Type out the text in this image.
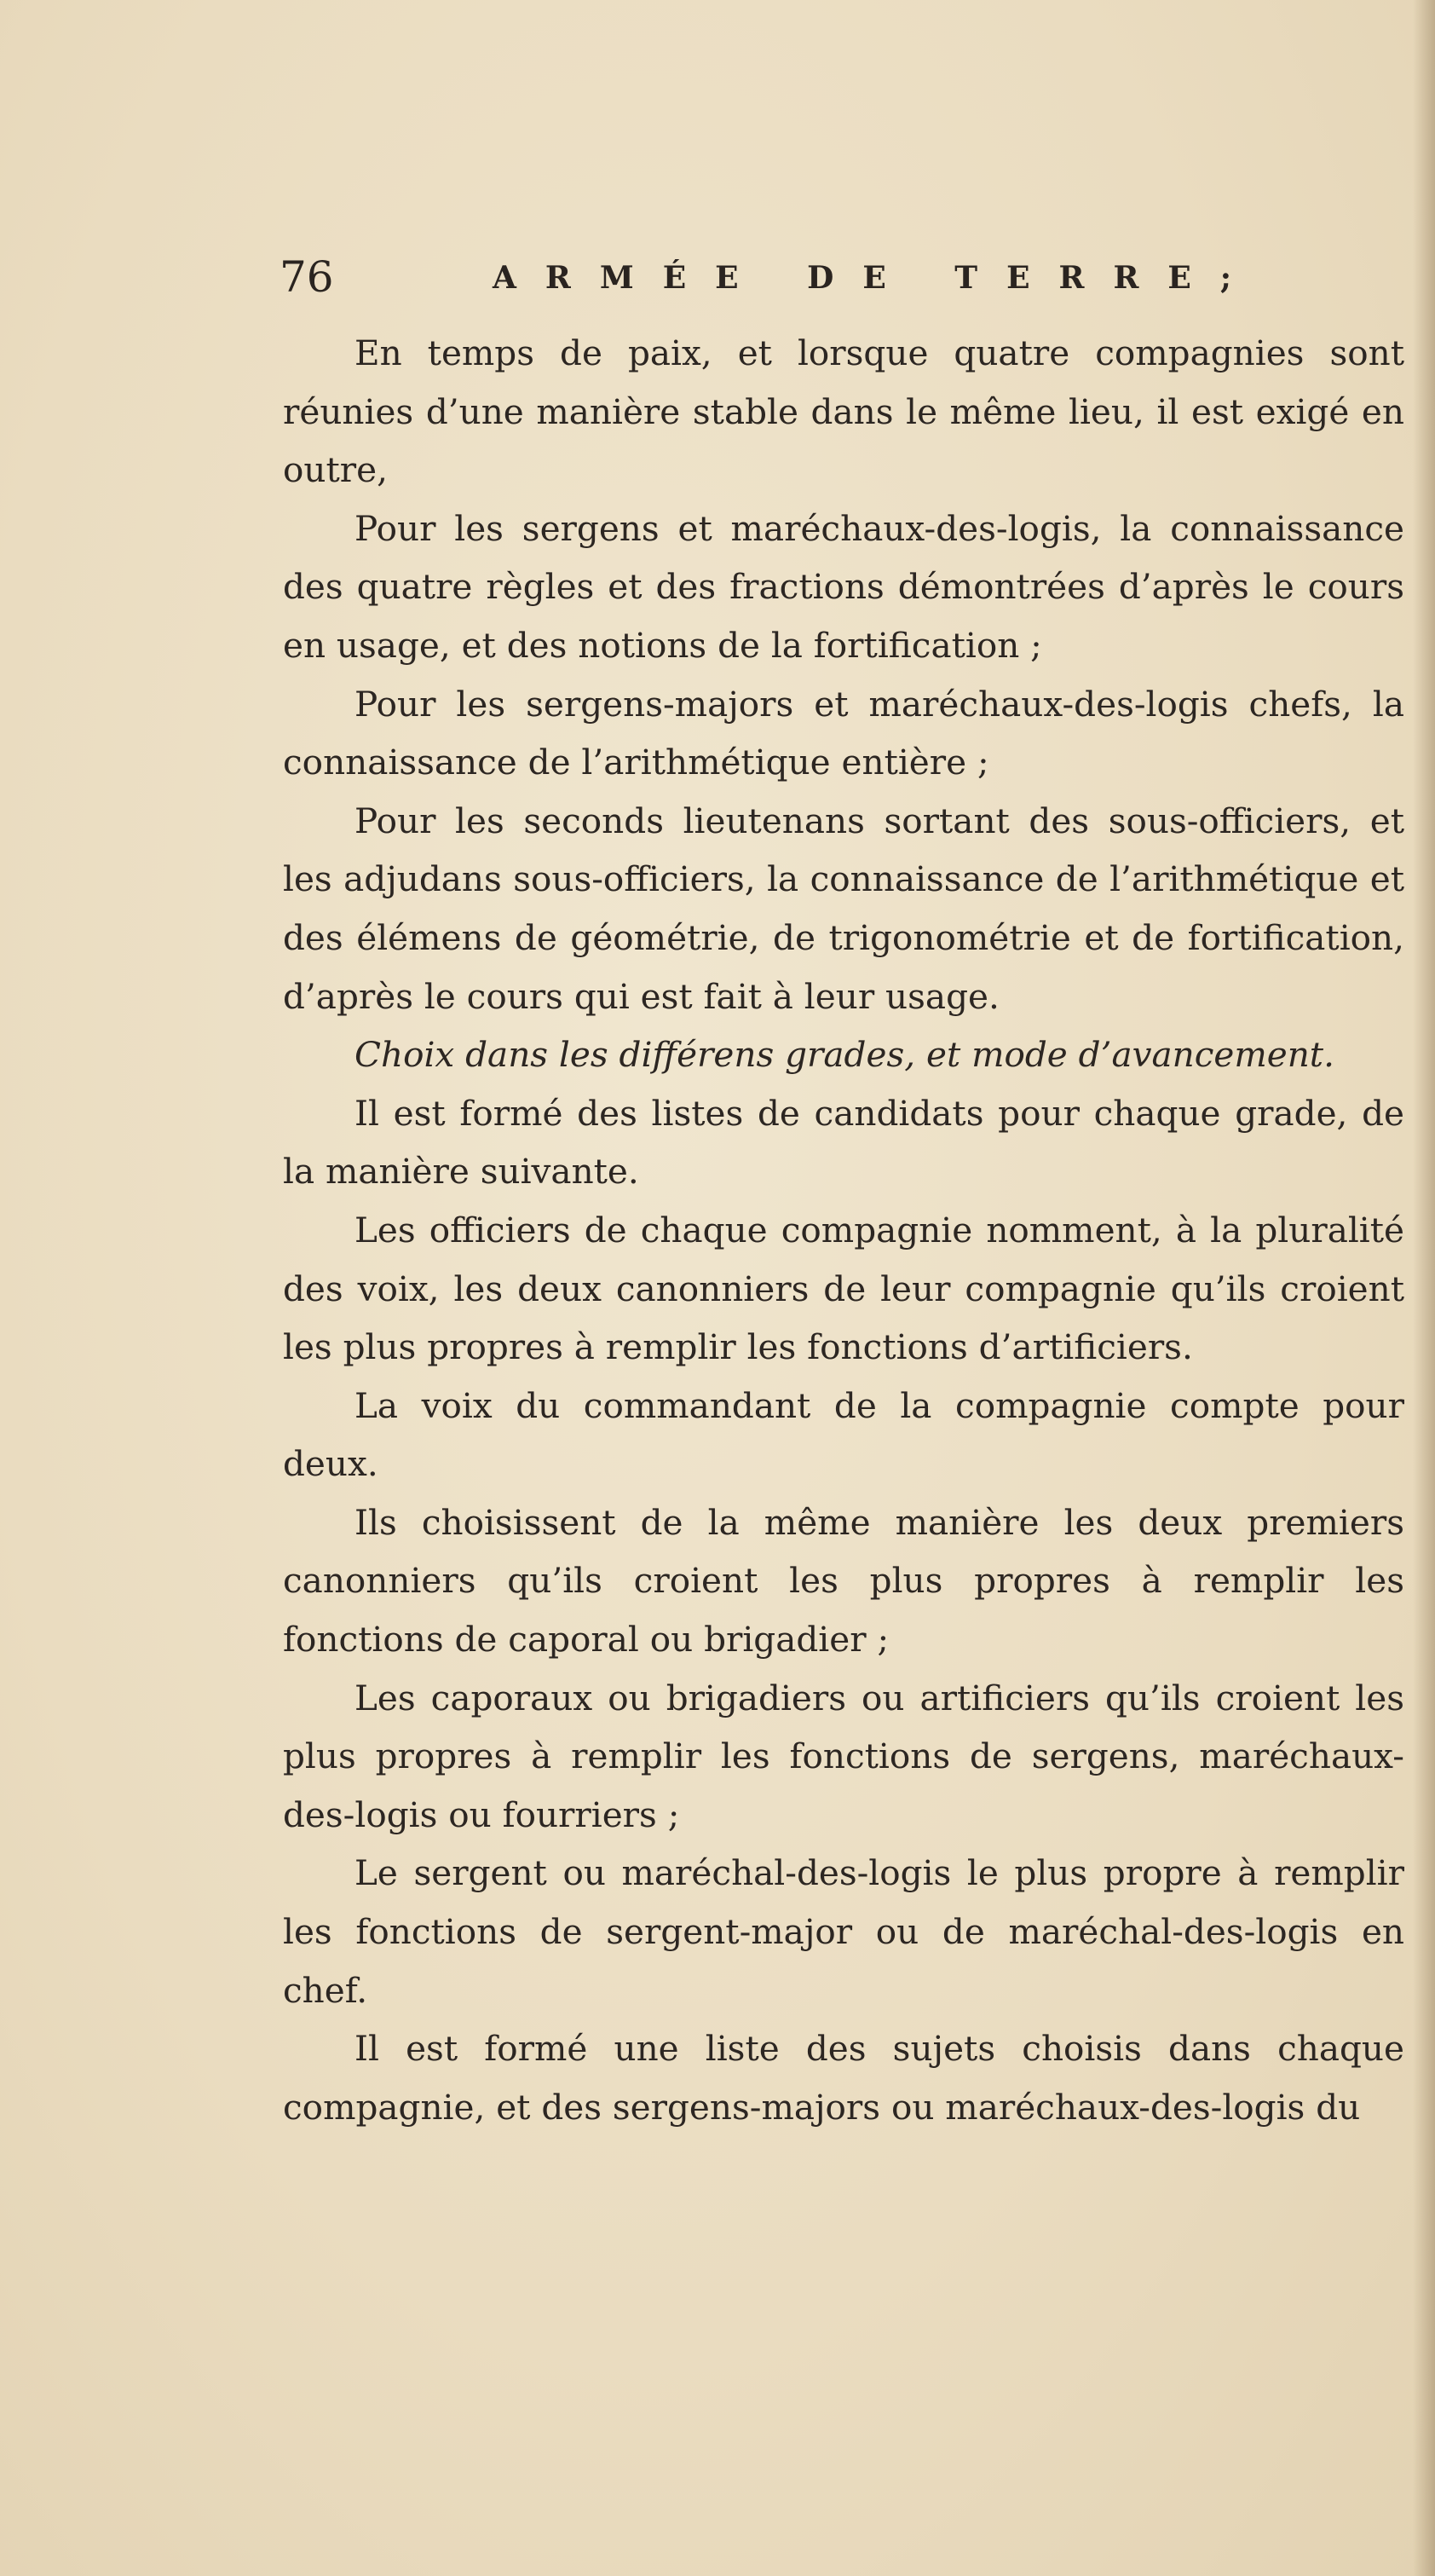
76	ARMÉE DE TERRE;

En temps de paix, et lorsque quatre compagnies sont réunies d’une manière stable dans le même lieu, il est exigé en outre,

Pour les sergens et maréchaux-des-logis, la connaissance des quatre règles et des fractions démontrées d’après le cours en usage, et des notions de la fortification ;

Pour les sergens-majors et maréchaux-des-logis chefs, la connaissance de l’arithmétique entière ;

Pour les seconds lieutenans sortant des sous-officiers, et les adjudans sous-officiers, la connaissance de l’arithmétique et des élémens de géométrie, de trigonométrie et de fortification, d’après le cours qui est fait à leur usage.

Choix dans les différens grades, et mode d’avancement.

Il est formé des listes de candidats pour chaque grade, de la manière suivante.

Les officiers de chaque compagnie nomment, à la pluralité des voix, les deux canonniers de leur compagnie qu’ils croient les plus propres à remplir les fonctions d’artificiers.

La voix du commandant de la compagnie compte pour deux.

Ils choisissent de la même manière les deux premiers canonniers qu’ils croient les plus propres à remplir les fonctions de caporal ou brigadier ;

Les caporaux ou brigadiers ou artificiers qu’ils croient les plus propres à remplir les fonctions de sergens, maréchaux-des-logis ou fourriers ;

Le sergent ou maréchal-des-logis le plus propre à remplir les fonctions de sergent-major ou de maréchal-des-logis en chef.

Il est formé une liste des sujets choisis dans chaque compagnie, et des sergens-majors ou maréchaux-des-logis du
